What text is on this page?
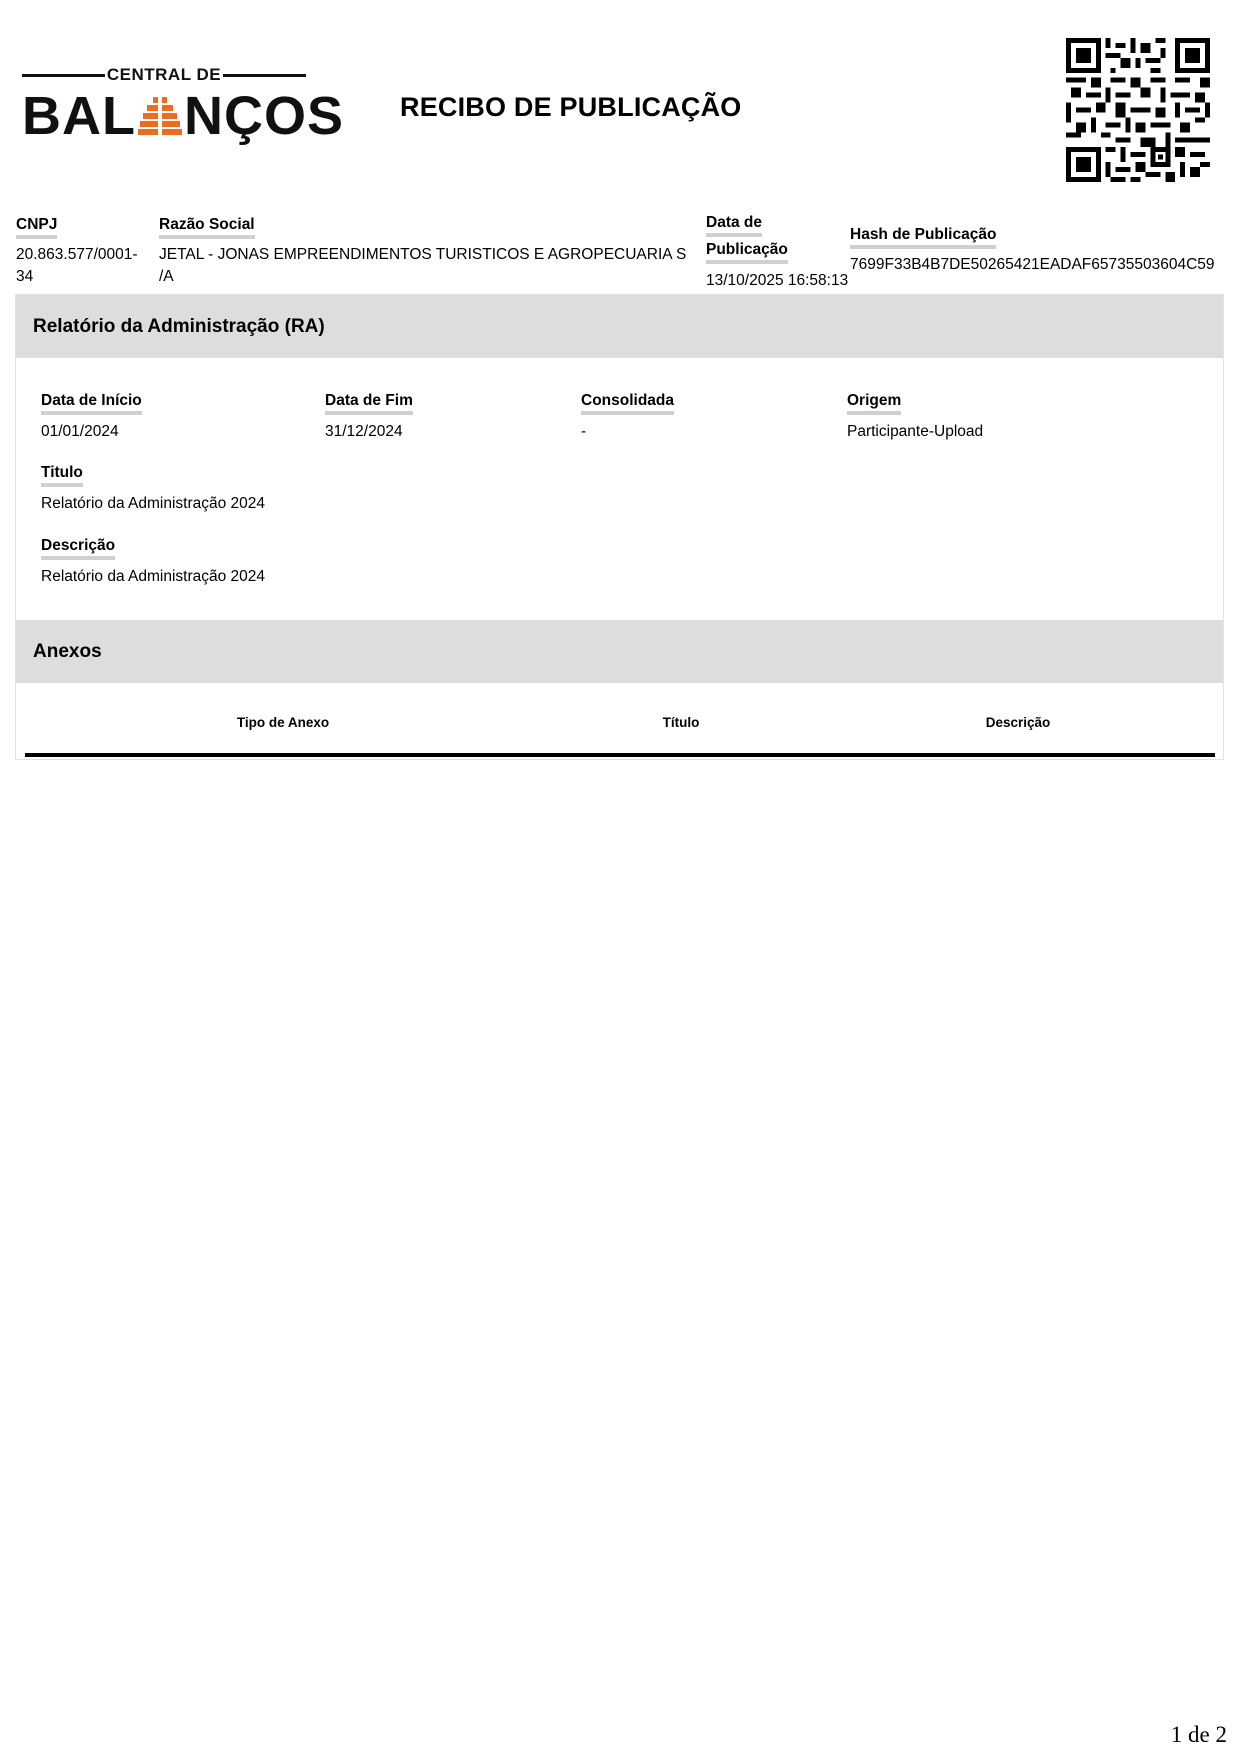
CENTRAL DE
BAL NÇOS RECIBO DE PUBLICAÇÃO
CNPJ
20.863.577/0001-
34
Razão Social
JETAL - JONAS EMPREENDIMENTOS TURISTICOS E AGROPECUARIA S
/A
Data de
Publicação
13/10/2025 16:58:13
Hash de Publicação
7699F33B4B7DE50265421EADAF65735503604C59
Relatório da Administração (RA)
Data de Início
01/01/2024
Data de Fim
31/12/2024
Consolidada
-
Origem
Participante-Upload
Titulo
Relatório da Administração 2024
Descrição
Relatório da Administração 2024
Anexos
Tipo de Anexo	Título	Descrição
1 de 2
